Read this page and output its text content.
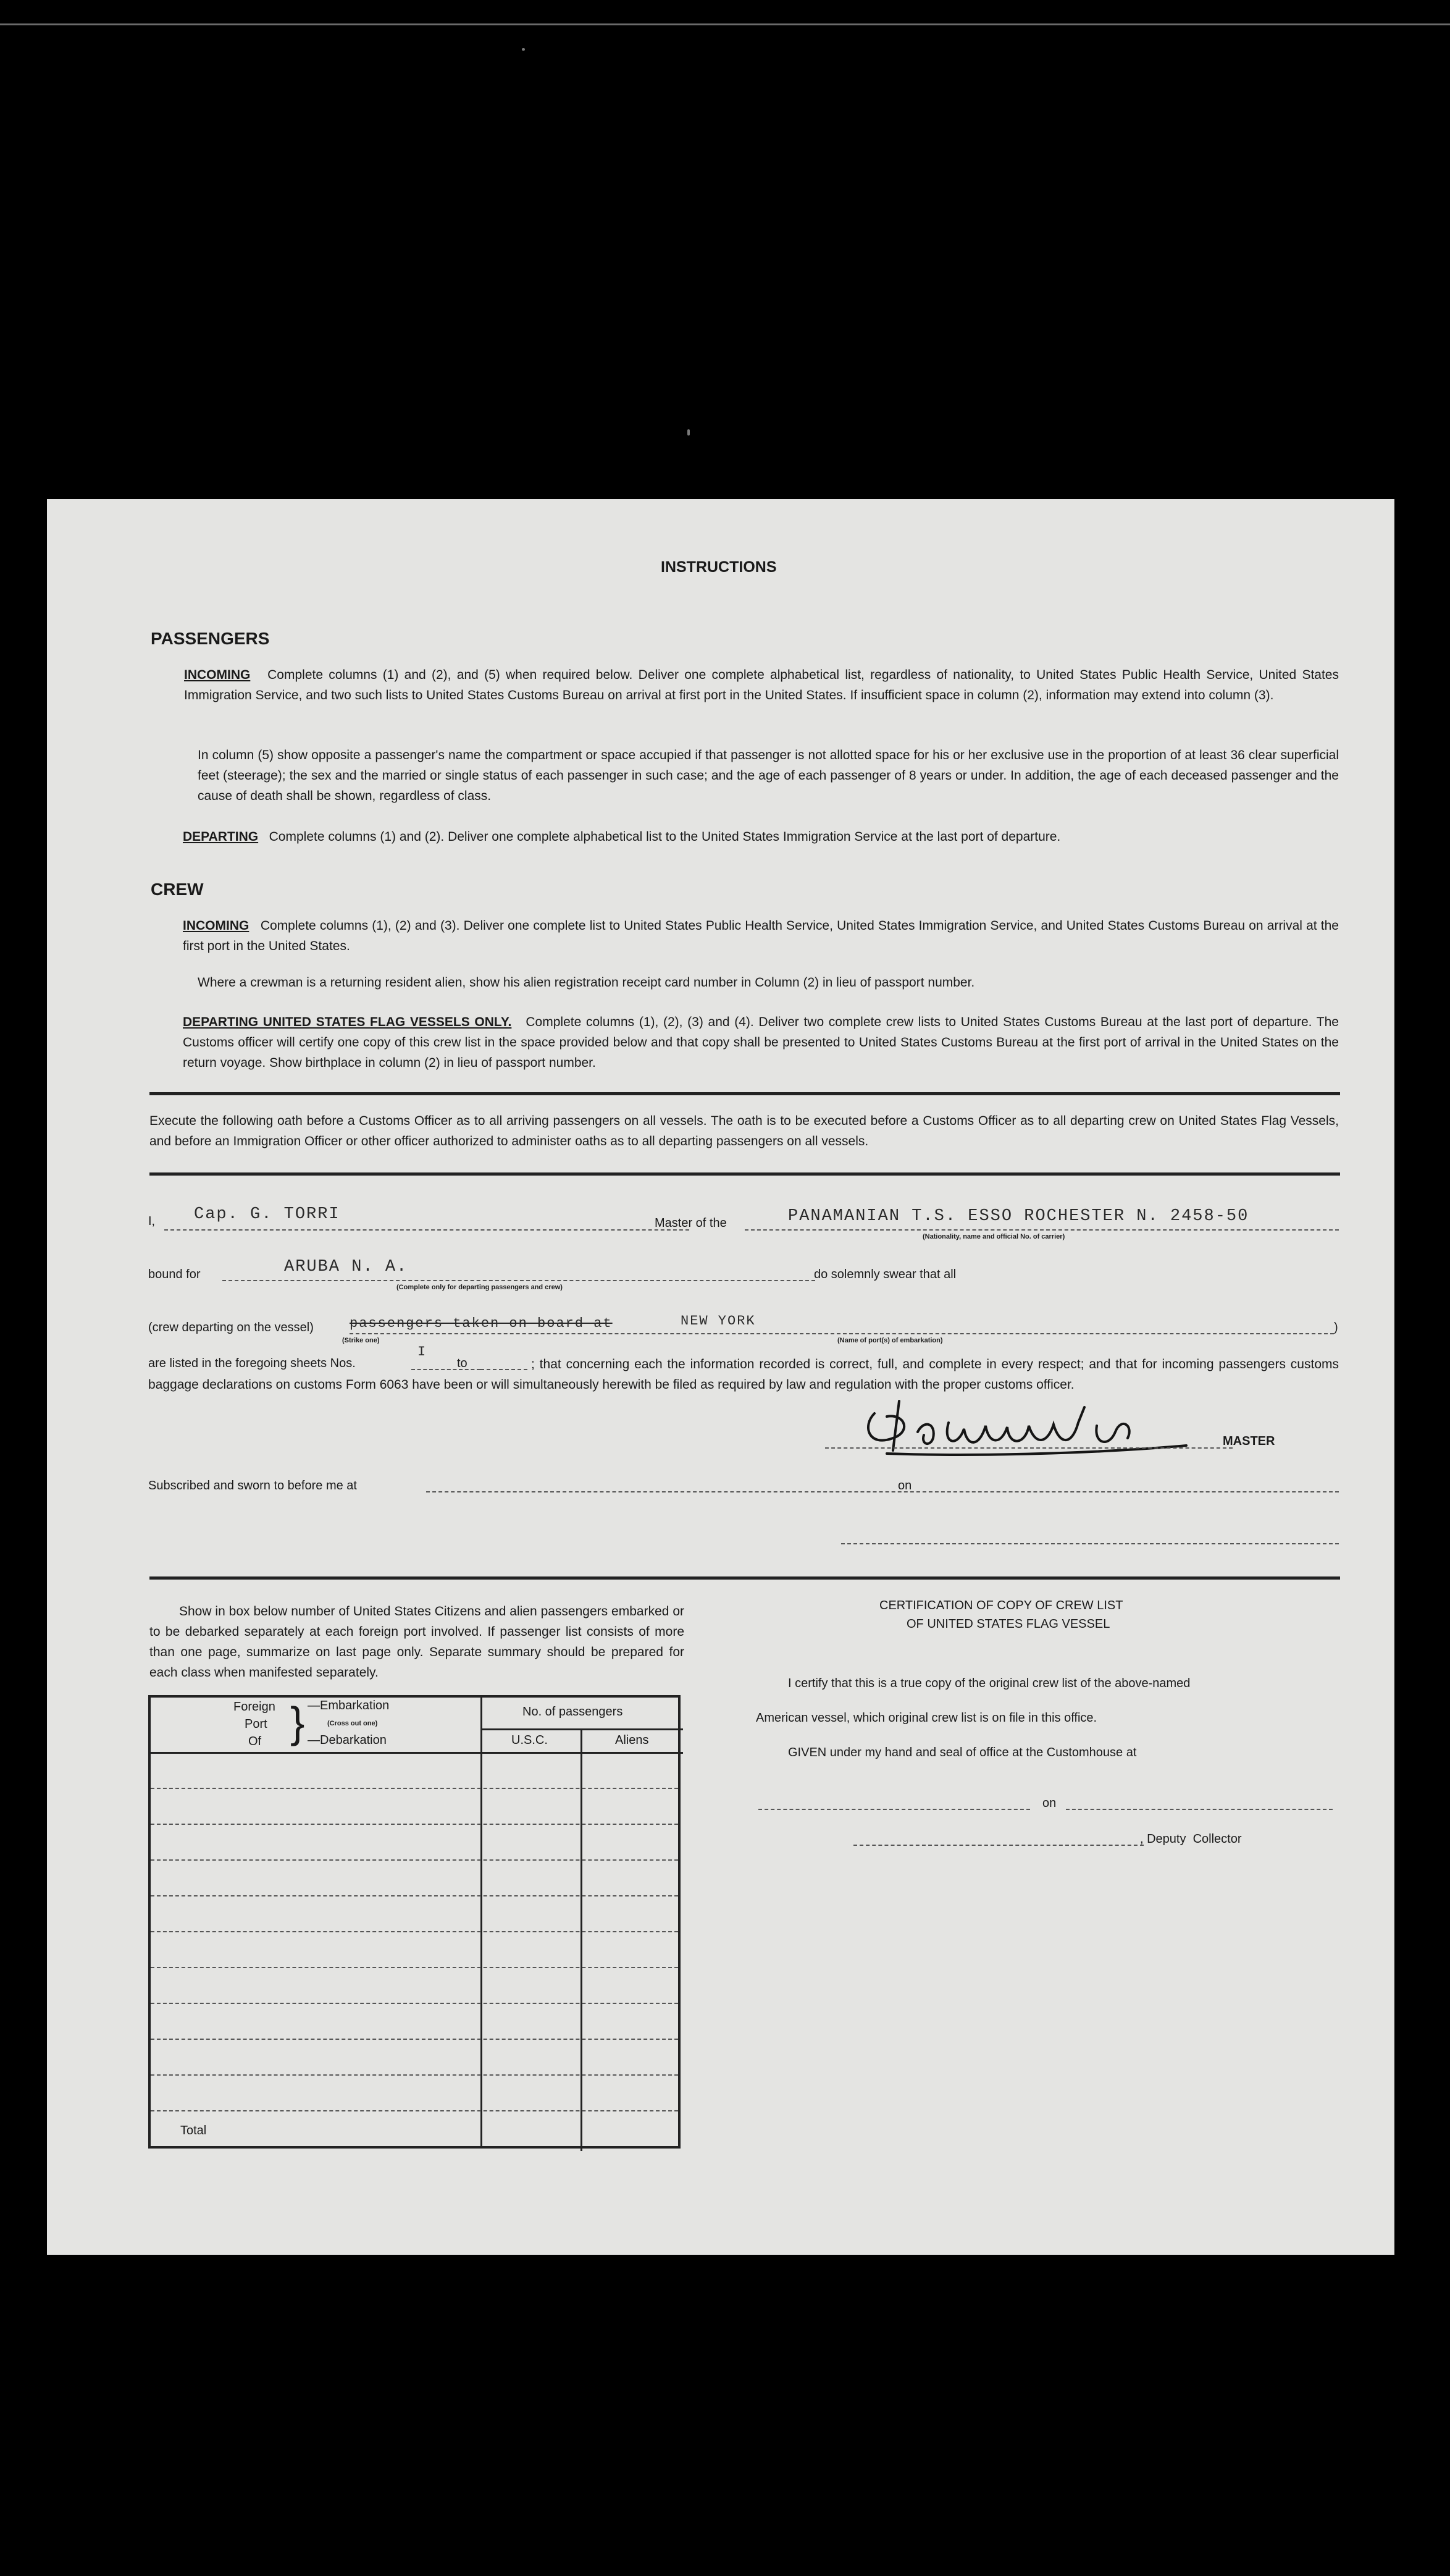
INSTRUCTIONS
PASSENGERS
INCOMING Complete columns (1) and (2), and (5) when required below. Deliver one complete alphabetical list, regardless of nationality, to United States Public Health Service, United States Immigration Service, and two such lists to United States Customs Bureau on arrival at first port in the United States. If insufficient space in column (2), information may extend into column (3).
In column (5) show opposite a passenger's name the compartment or space accupied if that passenger is not allotted space for his or her exclusive use in the proportion of at least 36 clear superficial feet (steerage); the sex and the married or single status of each passenger in such case; and the age of each passenger of 8 years or under. In addition, the age of each deceased passenger and the cause of death shall be shown, regardless of class.
DEPARTING Complete columns (1) and (2). Deliver one complete alphabetical list to the United States Immigration Service at the last port of departure.
CREW
INCOMING Complete columns (1), (2) and (3). Deliver one complete list to United States Public Health Service, United States Immigration Service, and United States Customs Bureau on arrival at the first port in the United States.
Where a crewman is a returning resident alien, show his alien registration receipt card number in Column (2) in lieu of passport number.
DEPARTING UNITED STATES FLAG VESSELS ONLY. Complete columns (1), (2), (3) and (4). Deliver two complete crew lists to United States Customs Bureau at the last port of departure. The Customs officer will certify one copy of this crew list in the space provided below and that copy shall be presented to United States Customs Bureau at the first port of arrival in the United States on the return voyage. Show birthplace in column (2) in lieu of passport number.
Execute the following oath before a Customs Officer as to all arriving passengers on all vessels. The oath is to be executed before a Customs Officer as to all departing crew on United States Flag Vessels, and before an Immigration Officer or other officer authorized to administer oaths as to all departing passengers on all vessels.
I, Cap. G. TORRI	Master of the	PANAMANIAN T.S. ESSO ROCHESTER N. 2458-50
(Nationality, name and official No. of carrier)
bound for	ARUBA N. A.
(Complete only for departing passengers and crew)
do solemnly swear that all
(crew departing on the vessel)	passengers taken on board at
(Strike one)
NEW YORK
(Name of port(s) of embarkation)
)
are listed in the foregoing sheets Nos.
I
to	; that concerning each the information recorded is correct, full, and complete in every respect; and that for incoming passengers customs baggage declarations on customs Form 6063 have been or will simultaneously herewith be filed as required by law and regulation with the proper customs officer.
MASTER
Subscribed and sworn to before me at	on
Show in box below number of United States Citizens and alien passengers embarked or to be debarked separately at each foreign port involved. If passenger list consists of more than one page, summarize on last page only. Separate summary should be prepared for each class when manifested separately.
Foreign
Port
Of } —Embarkation
(Cross out one)
—Debarkation
No. of passengers
U.S.C.	Aliens
Total
CERTIFICATION OF COPY OF CREW LIST
OF UNITED STATES FLAG VESSEL
I certify that this is a true copy of the original crew list of the above-named
American vessel, which original crew list is on file in this office.
GIVEN under my hand and seal of office at the Customhouse at
on
, Deputy  Collector
